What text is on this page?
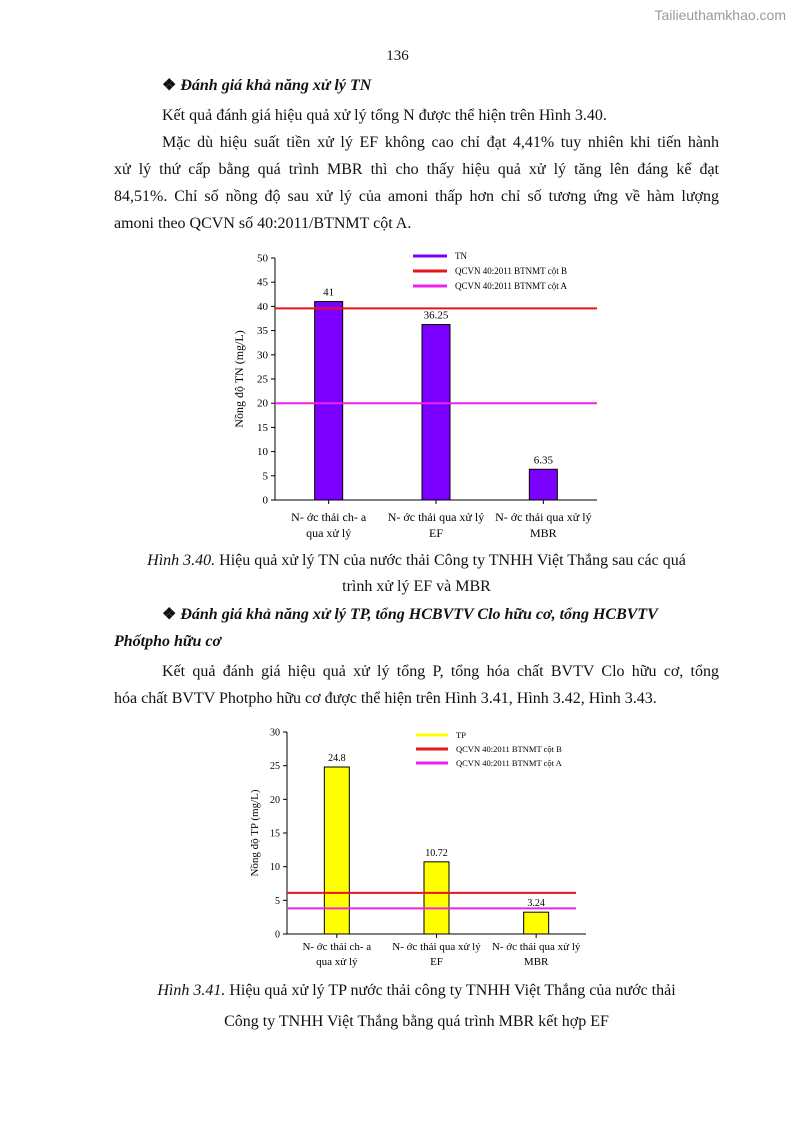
Tailieuthamkhao.com
136

❖ Đánh giá khả năng xử lý TN

Kết quả đánh giá hiệu quả xử lý tổng N được thể hiện trên Hình 3.40.

Mặc dù hiệu suất tiền xử lý EF không cao chỉ đạt 4,41% tuy nhiên khi tiến hành

xử lý thứ cấp bằng quá trình MBR thì cho thấy hiệu quả xử lý tăng lên đáng kể đạt

84,51%. Chỉ số nồng độ sau xử lý của amoni thấp hơn chỉ số tương ứng về hàm lượng

amoni theo QCVN số 40:2011/BTNMT cột A.

0
5
10
15
20
25
30
35
40
45
50
Nồng độ TN (mg/L)
41
N- ớc thải ch- a
qua xử lý
36.25
N- ớc thải qua xử lý
EF
6.35
N- ớc thải qua xử lý
MBR
TN
QCVN 40:2011 BTNMT cột B
QCVN 40:2011 BTNMT cột A

Hình 3.40. Hiệu quả xử lý TN của nước thải Công ty TNHH Việt Thắng sau các quá

trình xử lý EF và MBR

❖ Đánh giá khả năng xử lý TP, tổng HCBVTV Clo hữu cơ, tổng HCBVTV

Phốtpho hữu cơ

Kết quả đánh giá hiệu quả xử lý tổng P, tổng hóa chất BVTV Clo hữu cơ, tổng

hóa chất BVTV Photpho hữu cơ được thể hiện trên Hình 3.41, Hình 3.42, Hình 3.43.

0
5
10
15
20
25
30
Nồng độ TP (mg/L)
24.8
N- ớc thải ch- a
qua xử lý
10.72
N- ớc thải qua xử lý
EF
3.24
N- ớc thải qua xử lý
MBR
TP
QCVN 40:2011 BTNMT cột B
QCVN 40:2011 BTNMT cột A

Hình 3.41. Hiệu quả xử lý TP nước thải công ty TNHH Việt Thắng của nước thải

Công ty TNHH Việt Thắng bằng quá trình MBR kết hợp EF
